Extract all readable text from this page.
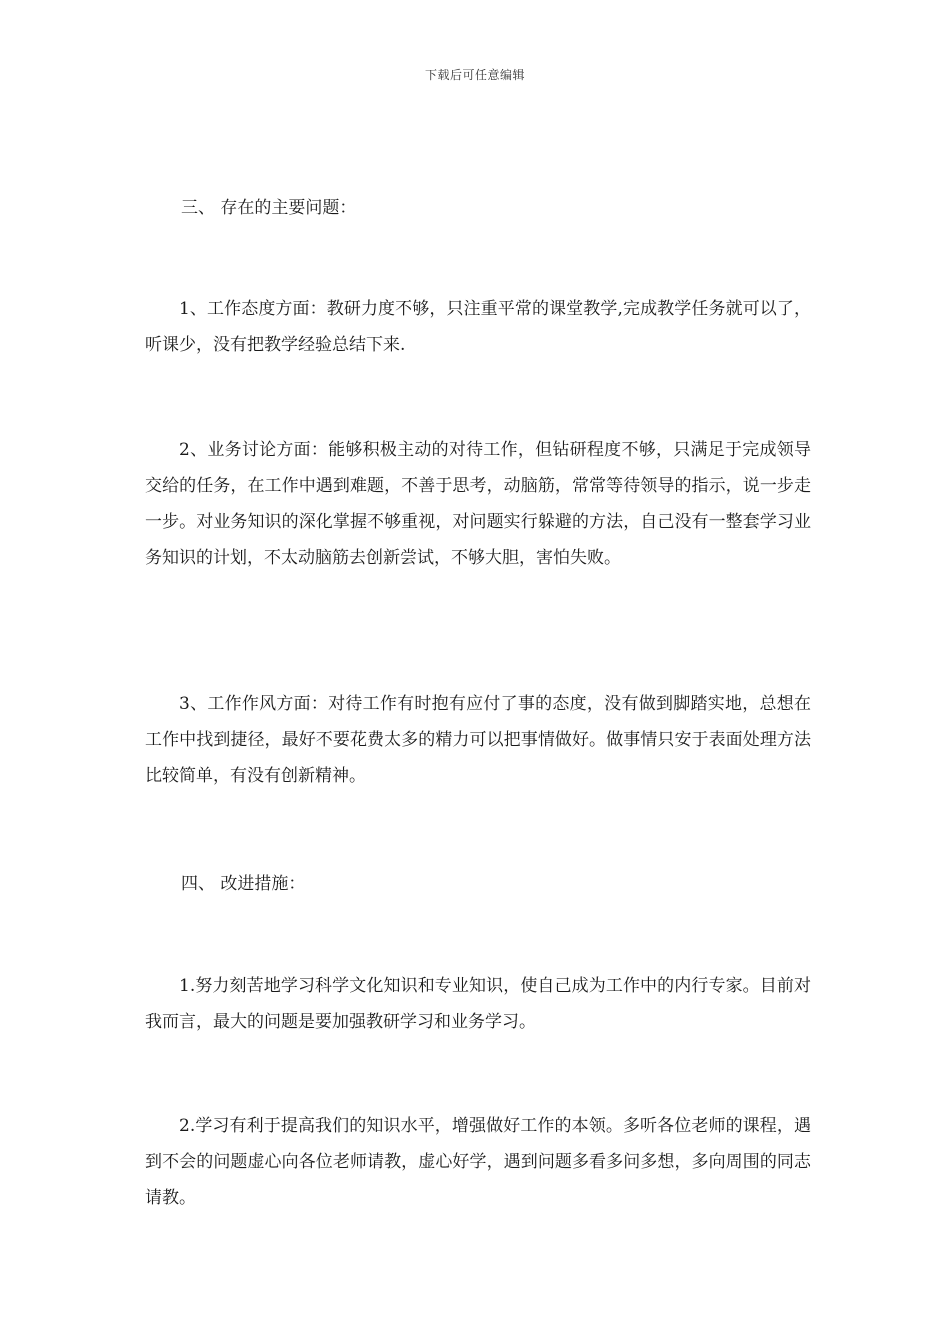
下载后可任意编辑

三、 存在的主要问题：

1、工作态度方面：教研力度不够，只注重平常的课堂教学,完成教学任务就可以了，听课少，没有把教学经验总结下来.

2、业务讨论方面：能够积极主动的对待工作，但钻研程度不够，只满足于完成领导交给的任务，在工作中遇到难题，不善于思考，动脑筋，常常等待领导的指示，说一步走一步。对业务知识的深化掌握不够重视，对问题实行躲避的方法，自己没有一整套学习业务知识的计划，不太动脑筋去创新尝试，不够大胆，害怕失败。

3、工作作风方面：对待工作有时抱有应付了事的态度，没有做到脚踏实地，总想在工作中找到捷径，最好不要花费太多的精力可以把事情做好。做事情只安于表面处理方法比较简单，有没有创新精神。

四、 改进措施：

1.努力刻苦地学习科学文化知识和专业知识，使自己成为工作中的内行专家。目前对我而言，最大的问题是要加强教研学习和业务学习。

2.学习有利于提高我们的知识水平，增强做好工作的本领。多听各位老师的课程，遇到不会的问题虚心向各位老师请教，虚心好学，遇到问题多看多问多想，多向周围的同志请教。
